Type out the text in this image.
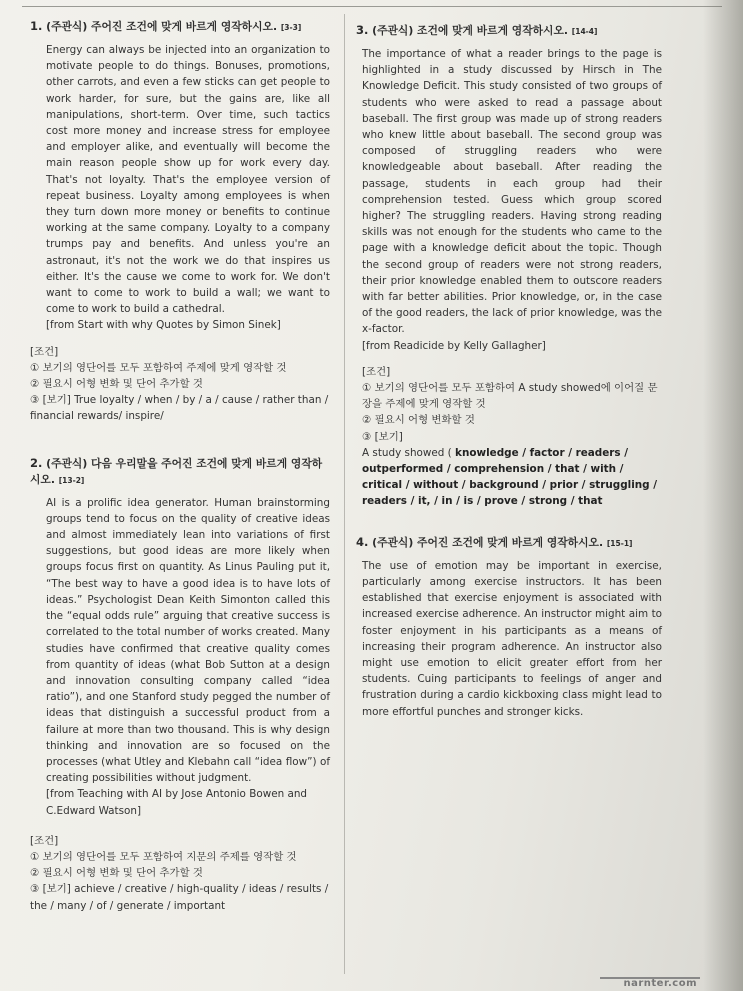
1. (주관식) 주어진 조건에 맞게 바르게 영작하시오. [3-3]
Energy can always be injected into an organization to motivate people to do things. Bonuses, promotions, other carrots, and even a few sticks can get people to work harder, for sure, but the gains are, like all manipulations, short-term. Over time, such tactics cost more money and increase stress for employee and employer alike, and eventually will become the main reason people show up for work every day. That's not loyalty. That's the employee version of repeat business. Loyalty among employees is when they turn down more money or benefits to continue working at the same company. Loyalty to a company trumps pay and benefits. And unless you're an astronaut, it's not the work we do that inspires us either. It's the cause we come to work for. We don't want to come to work to build a wall; we want to come to work to build a cathedral.
[from Start with why Quotes by Simon Sinek]
[조건]
① 보기의 영단어를 모두 포함하여 주제에 맞게 영작할 것
② 필요시 어형 변화 및 단어 추가할 것
③ [보기] True loyalty / when / by / a / cause / rather than / financial rewards/ inspire/
2. (주관식) 다음 우리말을 주어진 조건에 맞게 바르게 영작하시오. [13-2]
AI is a prolific idea generator. Human brainstorming groups tend to focus on the quality of creative ideas and almost immediately lean into variations of first suggestions, but good ideas are more likely when groups focus first on quantity. As Linus Pauling put it, “The best way to have a good idea is to have lots of ideas.” Psychologist Dean Keith Simonton called this the “equal odds rule” arguing that creative success is correlated to the total number of works created. Many studies have confirmed that creative quality comes from quantity of ideas (what Bob Sutton at a design and innovation consulting company called “idea ratio”), and one Stanford study pegged the number of ideas that distinguish a successful product from a failure at more than two thousand. This is why design thinking and innovation are so focused on the processes (what Utley and Klebahn call “idea flow”) of creating possibilities without judgment.
[from Teaching with AI by Jose Antonio Bowen and C.Edward Watson]
[조건]
① 보기의 영단어를 모두 포함하여 지문의 주제를 영작할 것
② 필요시 어형 변화 및 단어 추가할 것
③ [보기] achieve / creative / high-quality / ideas / results / the / many / of / generate / important
3. (주관식) 조건에 맞게 바르게 영작하시오. [14-4]
The importance of what a reader brings to the page is highlighted in a study discussed by Hirsch in The Knowledge Deficit. This study consisted of two groups of students who were asked to read a passage about baseball. The first group was made up of strong readers who knew little about baseball. The second group was composed of struggling readers who were knowledgeable about baseball. After reading the passage, students in each group had their comprehension tested. Guess which group scored higher? The struggling readers. Having strong reading skills was not enough for the students who came to the page with a knowledge deficit about the topic. Though the second group of readers were not strong readers, their prior knowledge enabled them to outscore readers with far better abilities. Prior knowledge, or, in the case of the good readers, the lack of prior knowledge, was the x-factor.
[from Readicide by Kelly Gallagher]
[조건]
① 보기의 영단어를 모두 포함하여 A study showed에 이어질 문장을 주제에 맞게 영작할 것
② 필요시 어형 변화할 것
③ [보기]
A study showed ( knowledge / factor / readers / outperformed / comprehension / that / with / critical / without / background / prior / struggling / readers / it, / in / is / prove / strong / that
4. (주관식) 주어진 조건에 맞게 바르게 영작하시오. [15-1]
The use of emotion may be important in exercise, particularly among exercise instructors. It has been established that exercise enjoyment is associated with increased exercise adherence. An instructor might aim to foster enjoyment in his participants as a means of increasing their program adherence. An instructor also might use emotion to elicit greater effort from her students. Cuing participants to feelings of anger and frustration during a cardio kickboxing class might lead to more effortful punches and stronger kicks.
narnter.com
